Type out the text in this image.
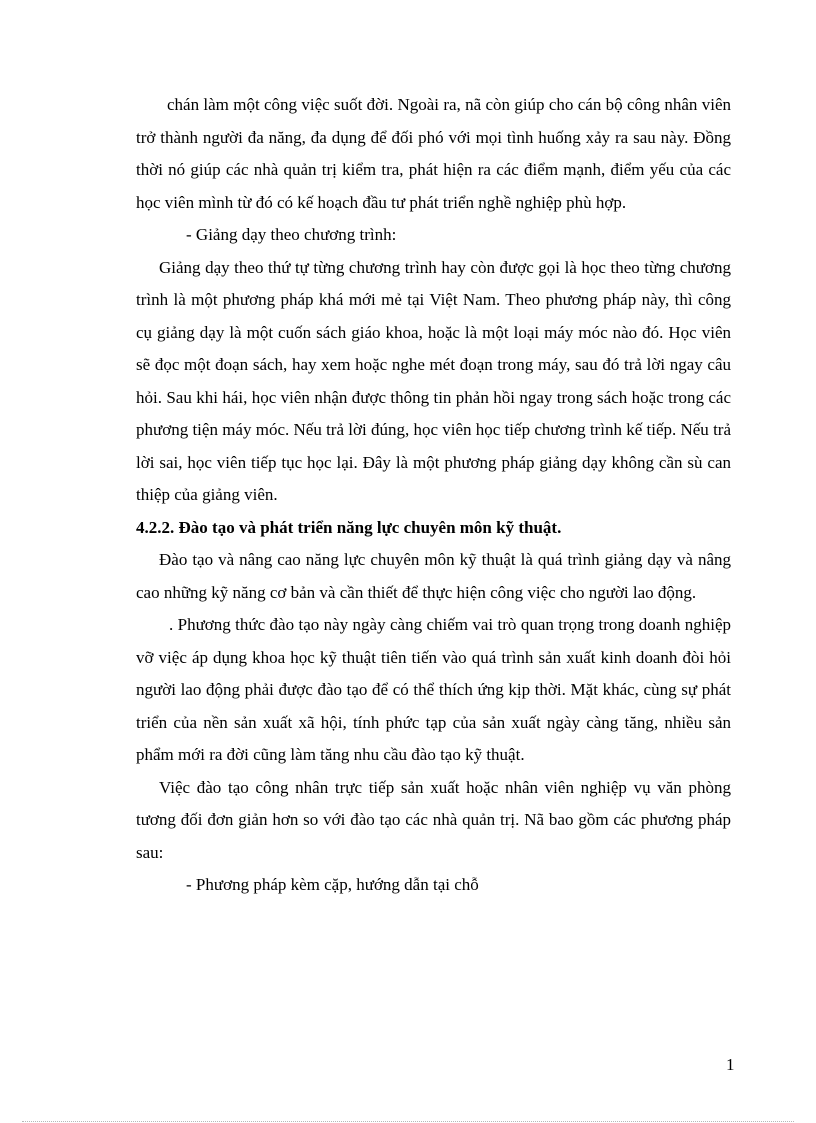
chán làm một công việc suốt đời. Ngoài ra, nã còn giúp cho cán bộ công nhân viên trở thành người đa năng, đa dụng để đối phó với mọi tình huống xảy ra sau này. Đồng thời nó giúp các nhà quản trị kiểm tra, phát hiện ra các điểm mạnh, điểm yếu của các học viên mình từ đó có kế hoạch đầu tư phát triển nghề nghiệp phù hợp.

- Giảng dạy theo chương trình:

Giảng dạy theo thứ tự từng chương trình hay còn được gọi là học theo từng chương trình là một phương pháp khá mới mẻ tại Việt Nam. Theo phương pháp này, thì công cụ giảng dạy là một cuốn sách giáo khoa, hoặc là một loại máy móc nào đó. Học viên sẽ đọc một đoạn sách, hay xem hoặc nghe mét đoạn trong máy, sau đó trả lời ngay câu hỏi. Sau khi hái, học viên nhận được thông tin phản hồi ngay trong sách hoặc trong các phương tiện máy móc. Nếu trả lời đúng, học viên học tiếp chương trình kế tiếp. Nếu trả lời sai, học viên tiếp tục học lại. Đây là một phương pháp giảng dạy không cần sù can thiệp của giảng viên.

4.2.2. Đào tạo và phát triển năng lực chuyên môn kỹ thuật.

Đào tạo và nâng cao năng lực chuyên môn kỹ thuật là quá trình giảng dạy và nâng cao những kỹ năng cơ bản và cần thiết để thực hiện công việc cho người lao động.

. Phương thức đào tạo này ngày càng chiếm vai trò quan trọng trong doanh nghiệp vỡ việc áp dụng khoa học kỹ thuật tiên tiến vào quá trình sản xuất kinh doanh đòi hỏi người lao động phải được đào tạo để có thể thích ứng kịp thời. Mặt khác, cùng sự phát triển của nền sản xuất xã hội, tính phức tạp của sản xuất ngày càng tăng, nhiều sản phẩm mới ra đời cũng làm tăng nhu cầu đào tạo kỹ thuật.

Việc đào tạo công nhân trực tiếp sản xuất hoặc nhân viên nghiệp vụ văn phòng tương đối đơn giản hơn so với đào tạo các nhà quản trị. Nã bao gồm các phương pháp sau:

- Phương pháp kèm cặp, hướng dẫn tại chỗ

1
